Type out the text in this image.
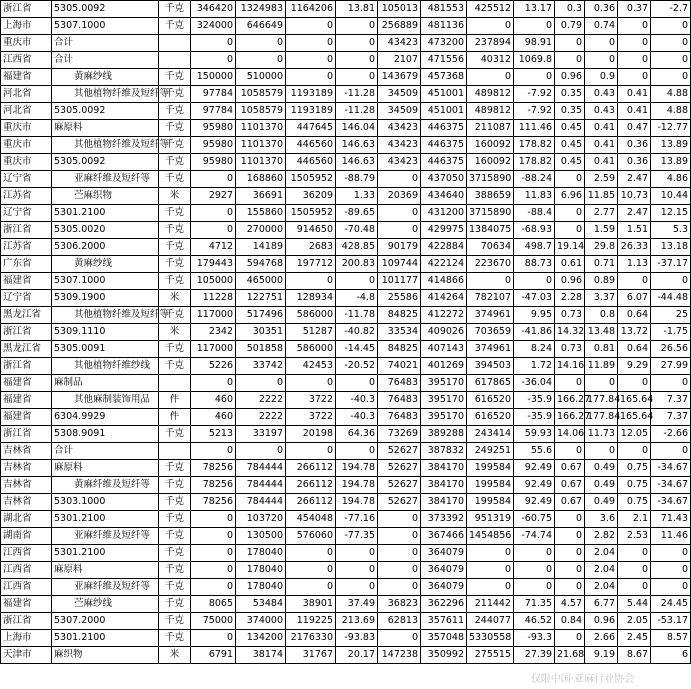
浙江省	5305.0092	千克	346420	1324983	1164206	13.81	105013	481553	425512	13.17	0.3	0.36	0.37	-2.7
上海市	5307.1000	千克	324000	646649	0	0	256889	481136	0	0	0.79	0.74	0	0
重庆市	合计		0	0	0	0	43423	473200	237894	98.91	0	0	0	0
江西省	合计		0	0	0	0	2107	471556	40312	1069.8	0	0	0	0
福建省	黄麻纱线	千克	150000	510000	0	0	143679	457368	0	0	0.96	0.9	0	0
河北省	其他植物纤维及短纤等	千克	97784	1058579	1193189	-11.28	34509	451001	489812	-7.92	0.35	0.43	0.41	4.88
河北省	5305.0092	千克	97784	1058579	1193189	-11.28	34509	451001	489812	-7.92	0.35	0.43	0.41	4.88
重庆市	麻原料	千克	95980	1101370	447645	146.04	43423	446375	211087	111.46	0.45	0.41	0.47	-12.77
重庆市	其他植物纤维及短纤等	千克	95980	1101370	446560	146.63	43423	446375	160092	178.82	0.45	0.41	0.36	13.89
重庆市	5305.0092	千克	95980	1101370	446560	146.63	43423	446375	160092	178.82	0.45	0.41	0.36	13.89
辽宁省	亚麻纤维及短纤等	千克	0	168860	1505952	-88.79	0	437050	3715890	-88.24	0	2.59	2.47	4.86
江苏省	苎麻织物	米	2927	36691	36209	1.33	20369	434640	388659	11.83	6.96	11.85	10.73	10.44
辽宁省	5301.2100	千克	0	155860	1505952	-89.65	0	431200	3715890	-88.4	0	2.77	2.47	12.15
浙江省	5305.0020	千克	0	270000	914650	-70.48	0	429975	1384075	-68.93	0	1.59	1.51	5.3
江苏省	5306.2000	千克	4712	14189	2683	428.85	90179	422884	70634	498.7	19.14	29.8	26.33	13.18
广东省	黄麻纱线	千克	179443	594768	197712	200.83	109744	422124	223670	88.73	0.61	0.71	1.13	-37.17
福建省	5307.1000	千克	105000	465000	0	0	101177	414866	0	0	0.96	0.89	0	0
辽宁省	5309.1900	米	11228	122751	128934	-4.8	25586	414264	782107	-47.03	2.28	3.37	6.07	-44.48
黑龙江省	其他植物纤维及短纤等	千克	117000	517496	586000	-11.78	84825	412272	374961	9.95	0.73	0.8	0.64	25
浙江省	5309.1110	米	2342	30351	51287	-40.82	33534	409026	703659	-41.86	14.32	13.48	13.72	-1.75
黑龙江省	5305.0091	千克	117000	501858	586000	-14.45	84825	407143	374961	8.24	0.73	0.81	0.64	26.56
浙江省	其他植物纤维纱线	千克	5226	33742	42453	-20.52	74021	401269	394503	1.72	14.16	11.89	9.29	27.99
福建省	麻制品		0	0	0	0	76483	395170	617865	-36.04	0	0	0	0
福建省	其他麻制装饰用品	件	460	2222	3722	-40.3	76483	395170	616520	-35.9	166.27	177.84	165.64	7.37
福建省	6304.9929	件	460	2222	3722	-40.3	76483	395170	616520	-35.9	166.27	177.84	165.64	7.37
浙江省	5308.9091	千克	5213	33197	20198	64.36	73269	389288	243414	59.93	14.06	11.73	12.05	-2.66
吉林省	合计		0	0	0	0	52627	387832	249251	55.6	0	0	0	0
吉林省	麻原料	千克	78256	784444	266112	194.78	52627	384170	199584	92.49	0.67	0.49	0.75	-34.67
吉林省	黄麻纤维及短纤等	千克	78256	784444	266112	194.78	52627	384170	199584	92.49	0.67	0.49	0.75	-34.67
吉林省	5303.1000	千克	78256	784444	266112	194.78	52627	384170	199584	92.49	0.67	0.49	0.75	-34.67
湖北省	5301.2100	千克	0	103720	454048	-77.16	0	373392	951319	-60.75	0	3.6	2.1	71.43
湖南省	亚麻纤维及短纤等	千克	0	130500	576060	-77.35	0	367466	1454856	-74.74	0	2.82	2.53	11.46
江西省	5301.2100	千克	0	178040	0	0	0	364079	0	0	0	2.04	0	0
江西省	麻原料	千克	0	178040	0	0	0	364079	0	0	0	2.04	0	0
江西省	亚麻纤维及短纤等	千克	0	178040	0	0	0	364079	0	0	0	2.04	0	0
福建省	苎麻纱线	千克	8065	53484	38901	37.49	36823	362296	211442	71.35	4.57	6.77	5.44	24.45
浙江省	5307.2000	千克	75000	374000	119225	213.69	62813	357611	244077	46.52	0.84	0.96	2.05	-53.17
上海市	5301.2100	千克	0	134200	2176330	-93.83	0	357048	5330558	-93.3	0	2.66	2.45	8.57
天津市	麻织物	米	6791	38174	31767	20.17	147238	350992	275515	27.39	21.68	9.19	8.67	6
仅限中国·亚麻行业协会
